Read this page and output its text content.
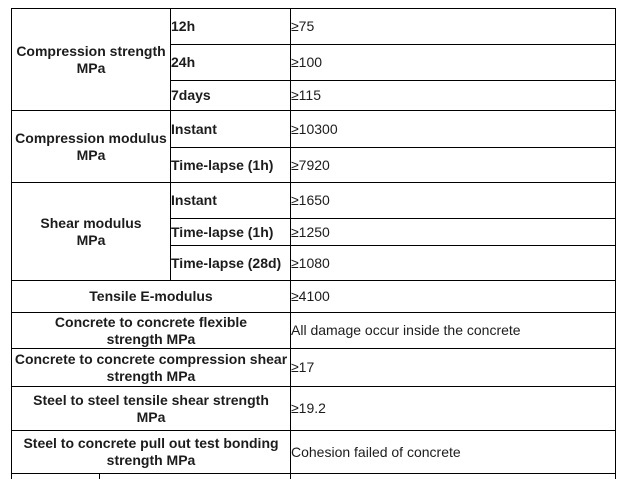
Compression strength
MPa	12h	≥75
	24h	≥100
	7days	≥115

Compression modulus
MPa	Instant	≥10300
	Time-lapse (1h)	≥7920

Shear modulus
MPa	Instant	≥1650
	Time-lapse (1h)	≥1250
	Time-lapse (28d)	≥1080

Tensile E-modulus		≥4100

Concrete to concrete flexible
strength MPa		All damage occur inside the concrete

Concrete to concrete compression shear
strength MPa		≥17

Steel to steel tensile shear strength
MPa		≥19.2

Steel to concrete pull out test bonding
strength MPa		Cohesion failed of concrete
